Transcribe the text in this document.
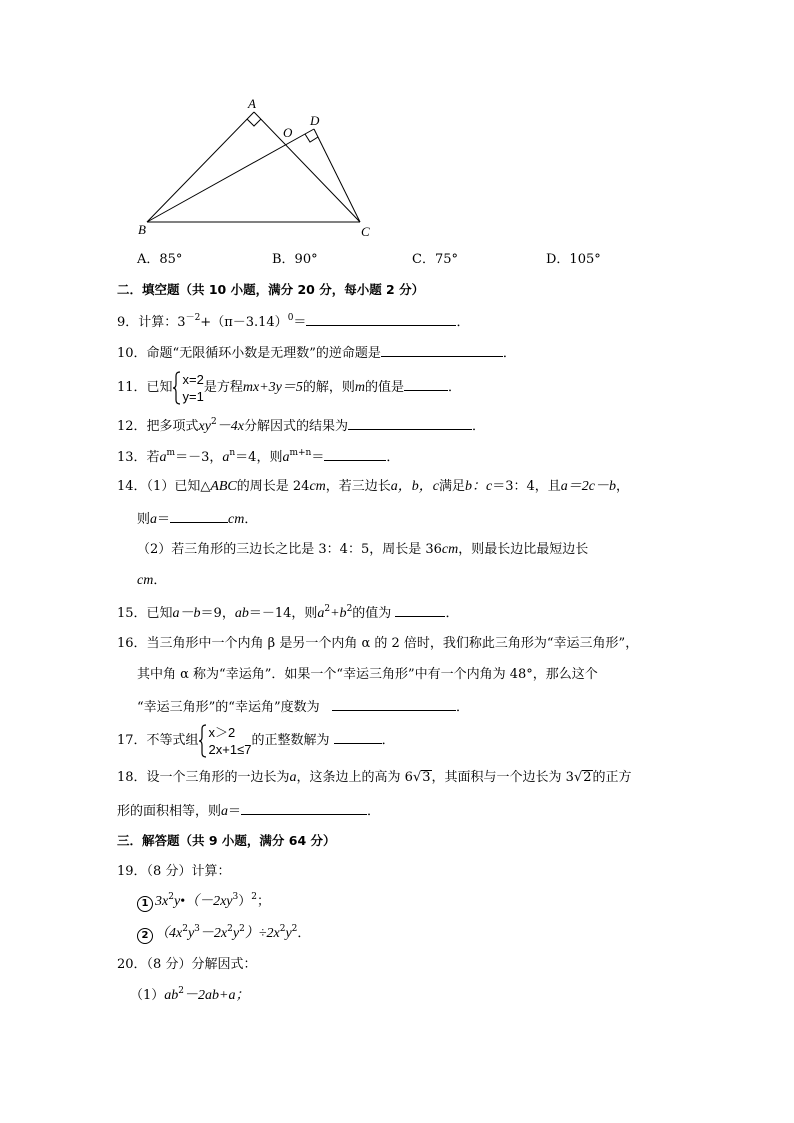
A
O
D
B	C
A．85°	B．90°	C．75°	D．105°
二．填空题（共 10 小题，满分 20 分，每小题 2 分）
9．计算：$3^{-2}+(\pi-3.14)^0=$	．
10．命题“无限循环小数是无理数”的逆命题是	．
11．已知
x=2
y=1
是方程mx+3y＝5的解，则m的值是	．
12．把多项式$xy^2-4x$分解因式的结果为	．
13．若$a^m=-3$，$a^n=4$，则$a^{m+n}=$	．
14．（1）已知△ABC的周长是 24cm，若三边长a，b，c满足b：c＝3：4，且a＝2c－b，
则a＝	cm．
（2）若三角形的三边长之比是 3：4：5，周长是 36cm，则最长边比最短边长
cm．
15．已知a－b＝9，ab＝－14，则$a^2+b^2$的值为	．
16．当三角形中一个内角 β 是另一个内角 α 的 2 倍时，我们称此三角形为“幸运三角形”，
其中角 α 称为“幸运角”．如果一个“幸运三角形”中有一个内角为 48°，那么这个
“幸运三角形”的“幸运角”度数为	．
17．不等式组
x＞2
2x+1≤7
的正整数解为	．
18．设一个三角形的一边长为a，这条边上的高为 6√3，其面积与一个边长为 3√2的正方
形的面积相等，则a＝	．
三．解答题（共 9 小题，满分 64 分）
19．（8 分）计算：
1 $3x^2y•(-2xy^3)^2$；
2 $(4x^2y^3-2x^2y^2)\div 2x^2y^2$．
20．（8 分）分解因式：
$(1)ab^2-2ab+a$；
